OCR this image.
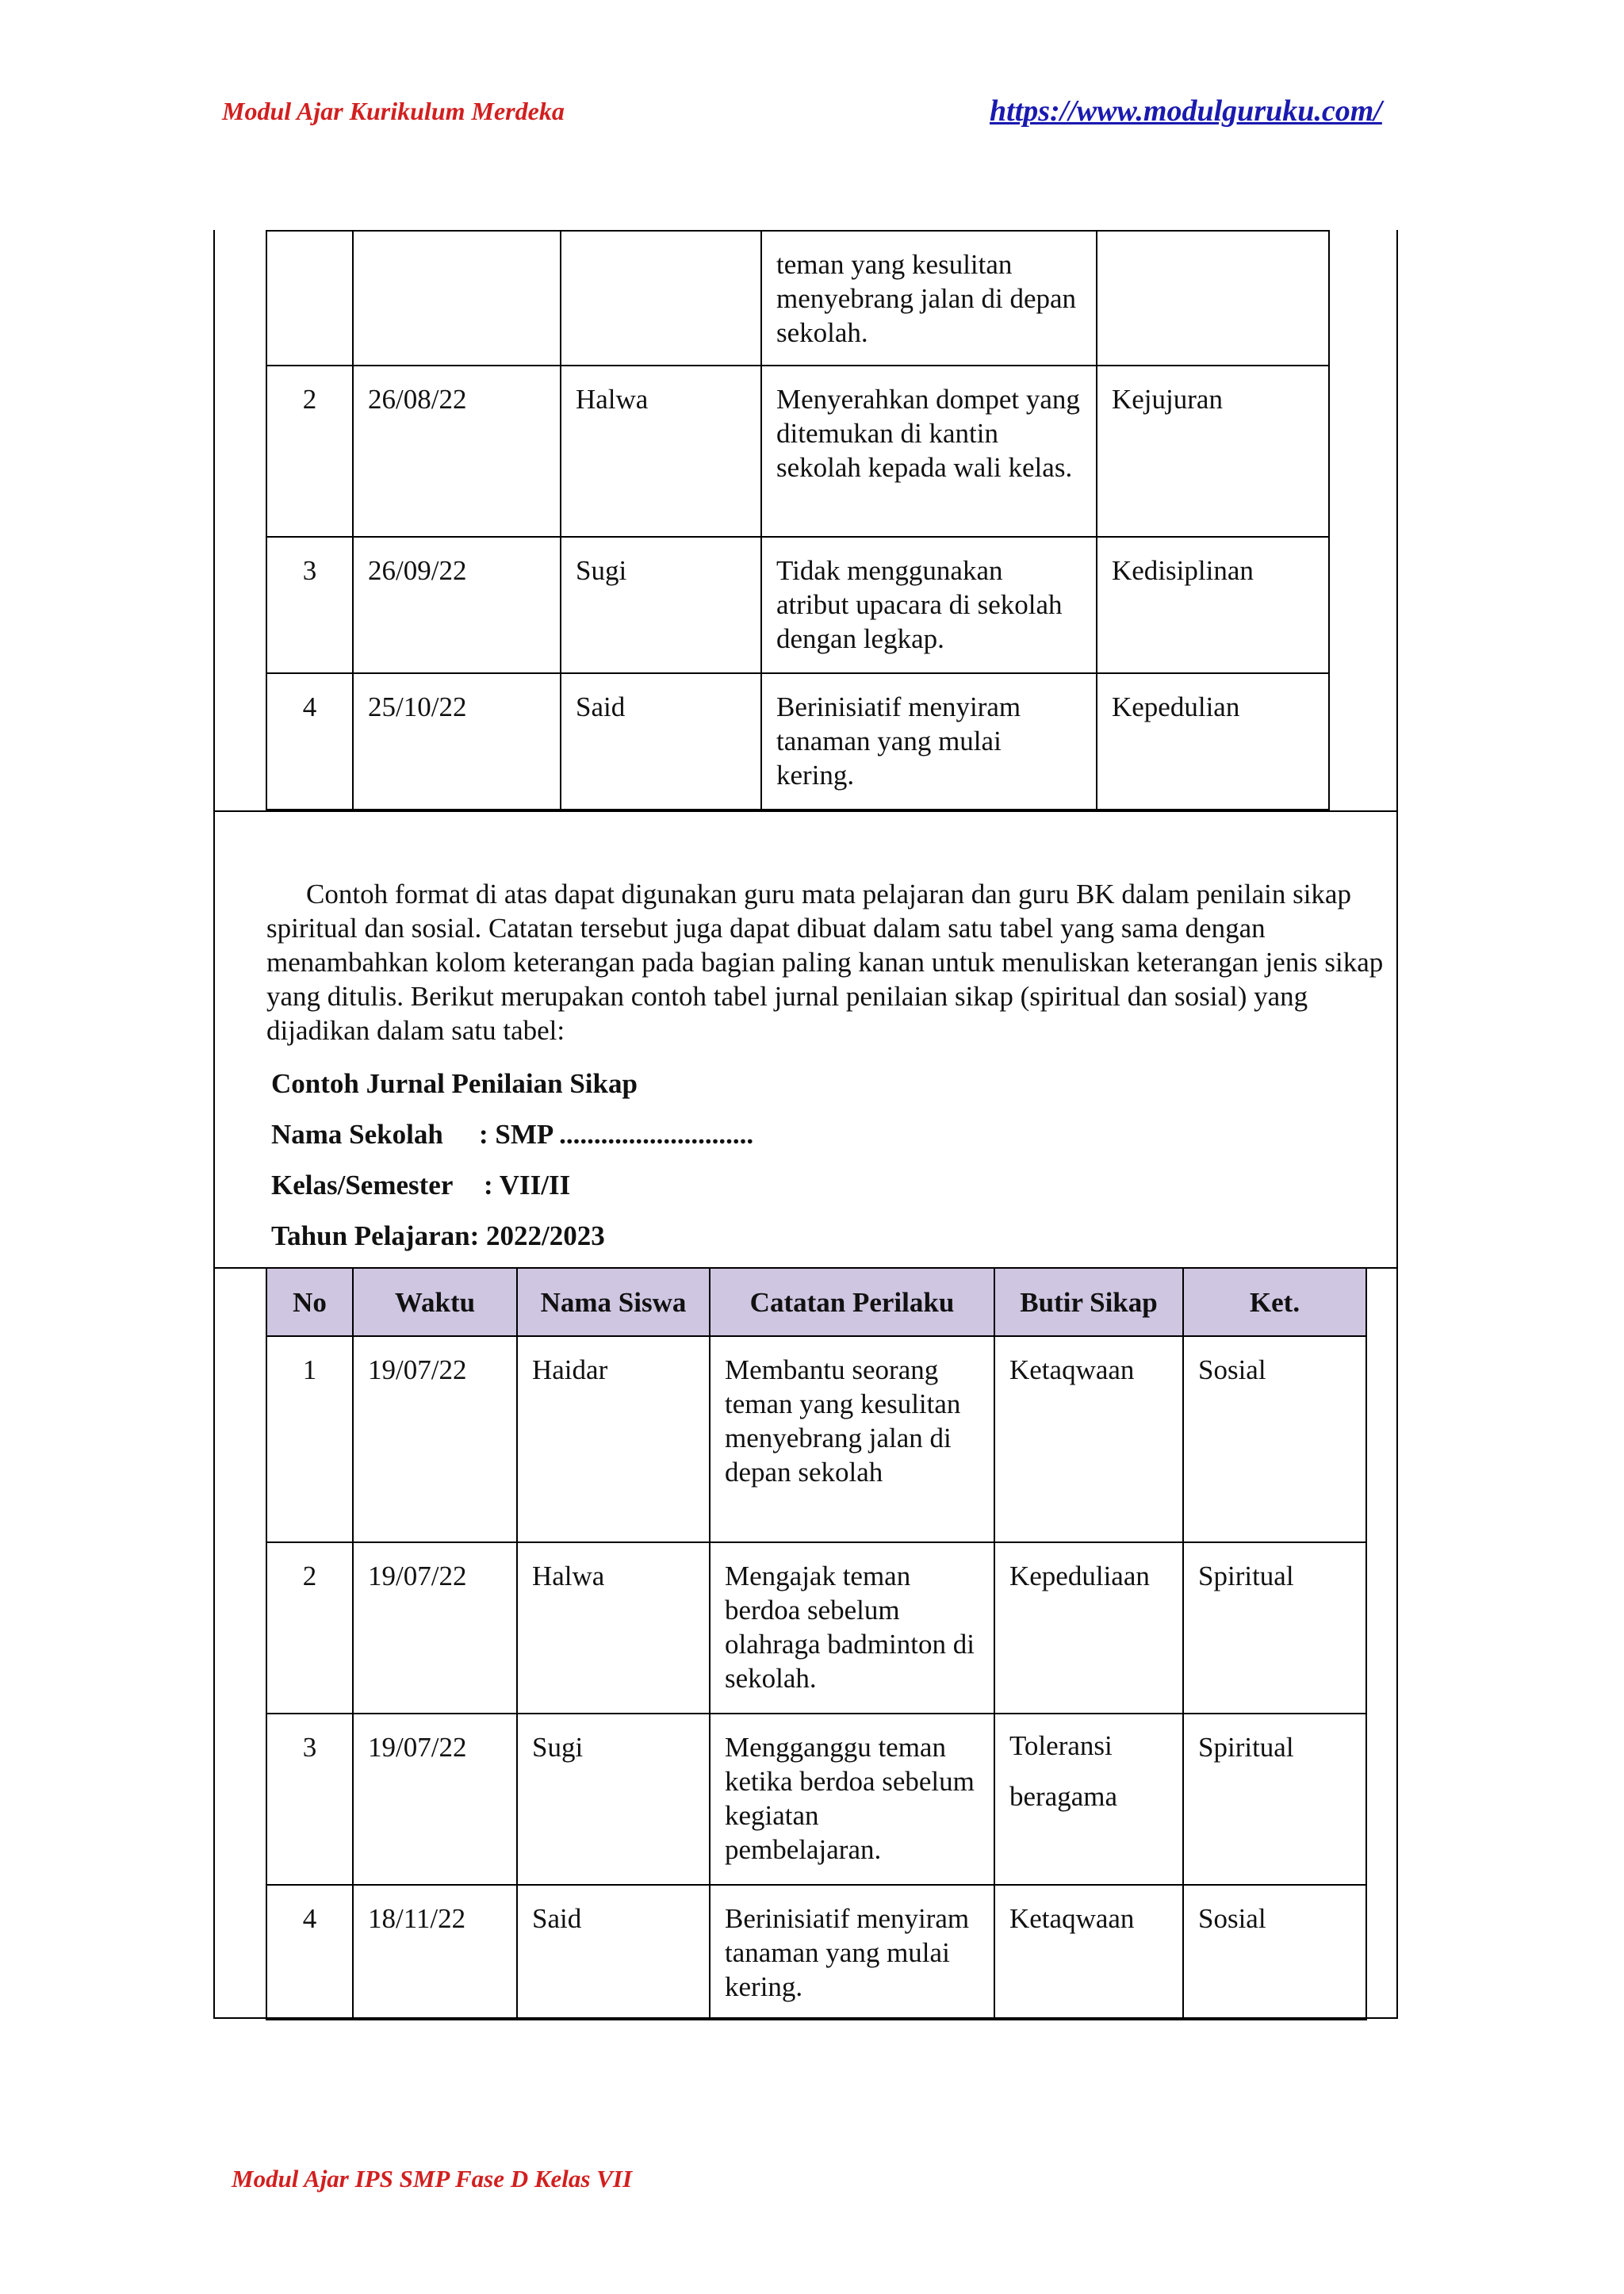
Modul Ajar Kurikulum Merdeka	https://www.modulguruku.com/
			teman yang kesulitan menyebrang jalan di depan sekolah.	
2	26/08/22	Halwa	Menyerahkan dompet yang ditemukan di kantin sekolah kepada wali kelas.	Kejujuran
3	26/09/22	Sugi	Tidak menggunakan atribut upacara di sekolah dengan legkap.	Kedisiplinan
4	25/10/22	Said	Berinisiatif menyiram tanaman yang mulai kering.	Kepedulian

Contoh format di atas dapat digunakan guru mata pelajaran dan guru BK dalam penilain sikap spiritual dan sosial. Catatan tersebut juga dapat dibuat dalam satu tabel yang sama dengan menambahkan kolom keterangan pada bagian paling kanan untuk menuliskan keterangan jenis sikap yang ditulis. Berikut merupakan contoh tabel jurnal penilaian sikap (spiritual dan sosial) yang dijadikan dalam satu tabel:

Contoh Jurnal Penilaian Sikap
Nama Sekolah : SMP ............................
Kelas/Semester : VII/II
Tahun Pelajaran: 2022/2023
No	Waktu	Nama Siswa	Catatan Perilaku	Butir Sikap	Ket.
1	19/07/22	Haidar	Membantu seorang teman yang kesulitan menyebrang jalan di depan sekolah	Ketaqwaan	Sosial
2	19/07/22	Halwa	Mengajak teman berdoa sebelum olahraga badminton di sekolah.	Kepeduliaan	Spiritual
3	19/07/22	Sugi	Mengganggu teman ketika berdoa sebelum kegiatan pembelajaran.	Toleransi beragama	Spiritual
4	18/11/22	Said	Berinisiatif menyiram tanaman yang mulai kering.	Ketaqwaan	Sosial
Modul Ajar IPS SMP Fase D Kelas VII
